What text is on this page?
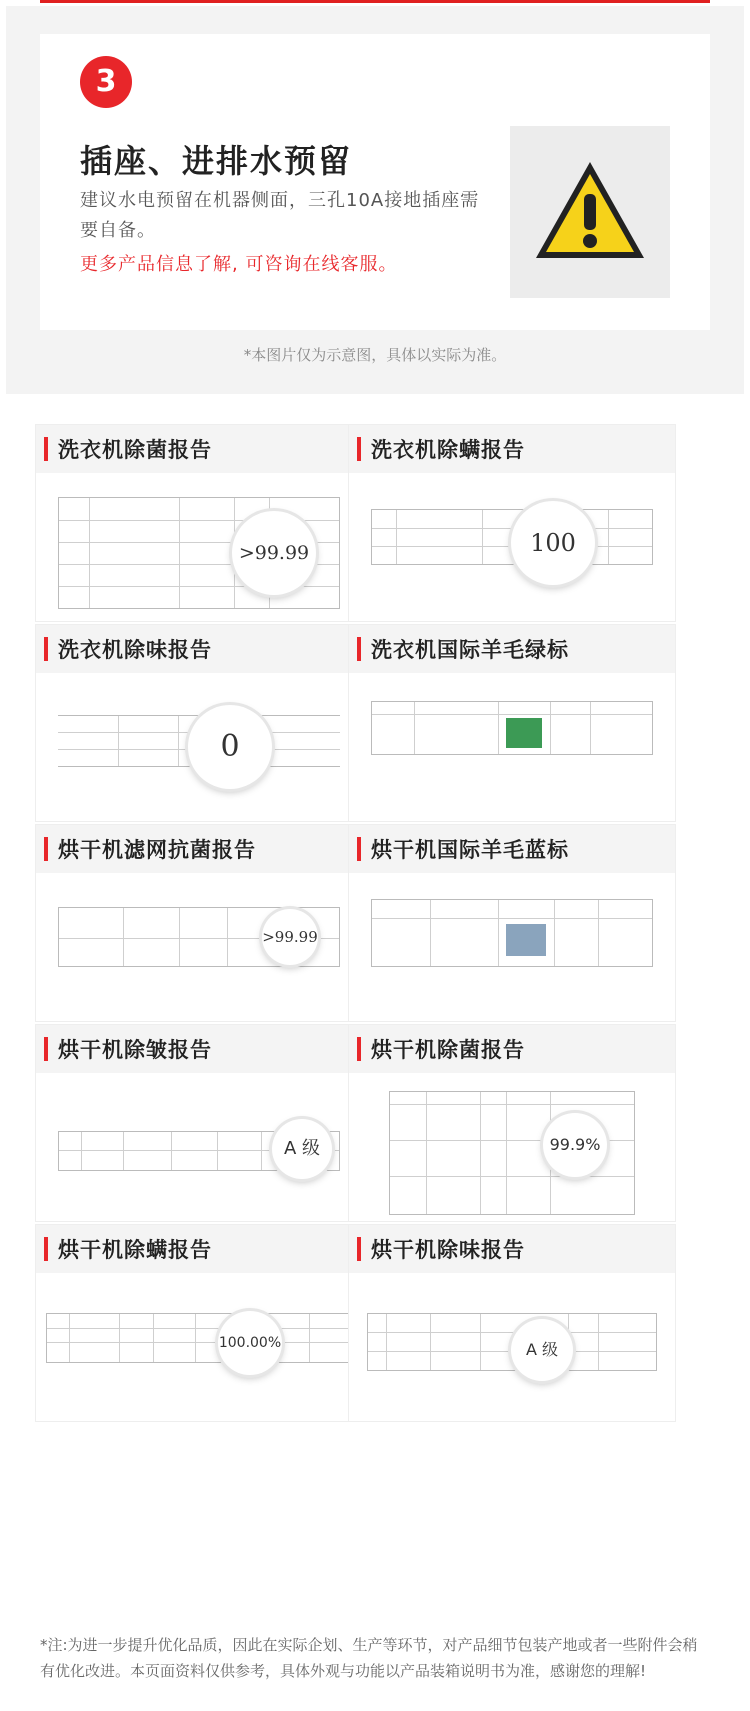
3
插座、进排水预留
建议水电预留在机器侧面，三孔10A接地插座需要自备。
更多产品信息了解, 可咨询在线客服。
*本图片仅为示意图，具体以实际为准。
洗衣机除菌报告
>99.99
洗衣机除螨报告
100
洗衣机除味报告
0
洗衣机国际羊毛绿标
烘干机滤网抗菌报告
>99.99
烘干机国际羊毛蓝标
烘干机除皱报告
A 级
烘干机除菌报告
99.9%
烘干机除螨报告
100.00%
烘干机除味报告
A 级
*注:为进一步提升优化品质，因此在实际企划、生产等环节，对产品细节包装产地或者一些附件会稍有优化改进。本页面资料仅供参考，具体外观与功能以产品装箱说明书为准，感谢您的理解!
